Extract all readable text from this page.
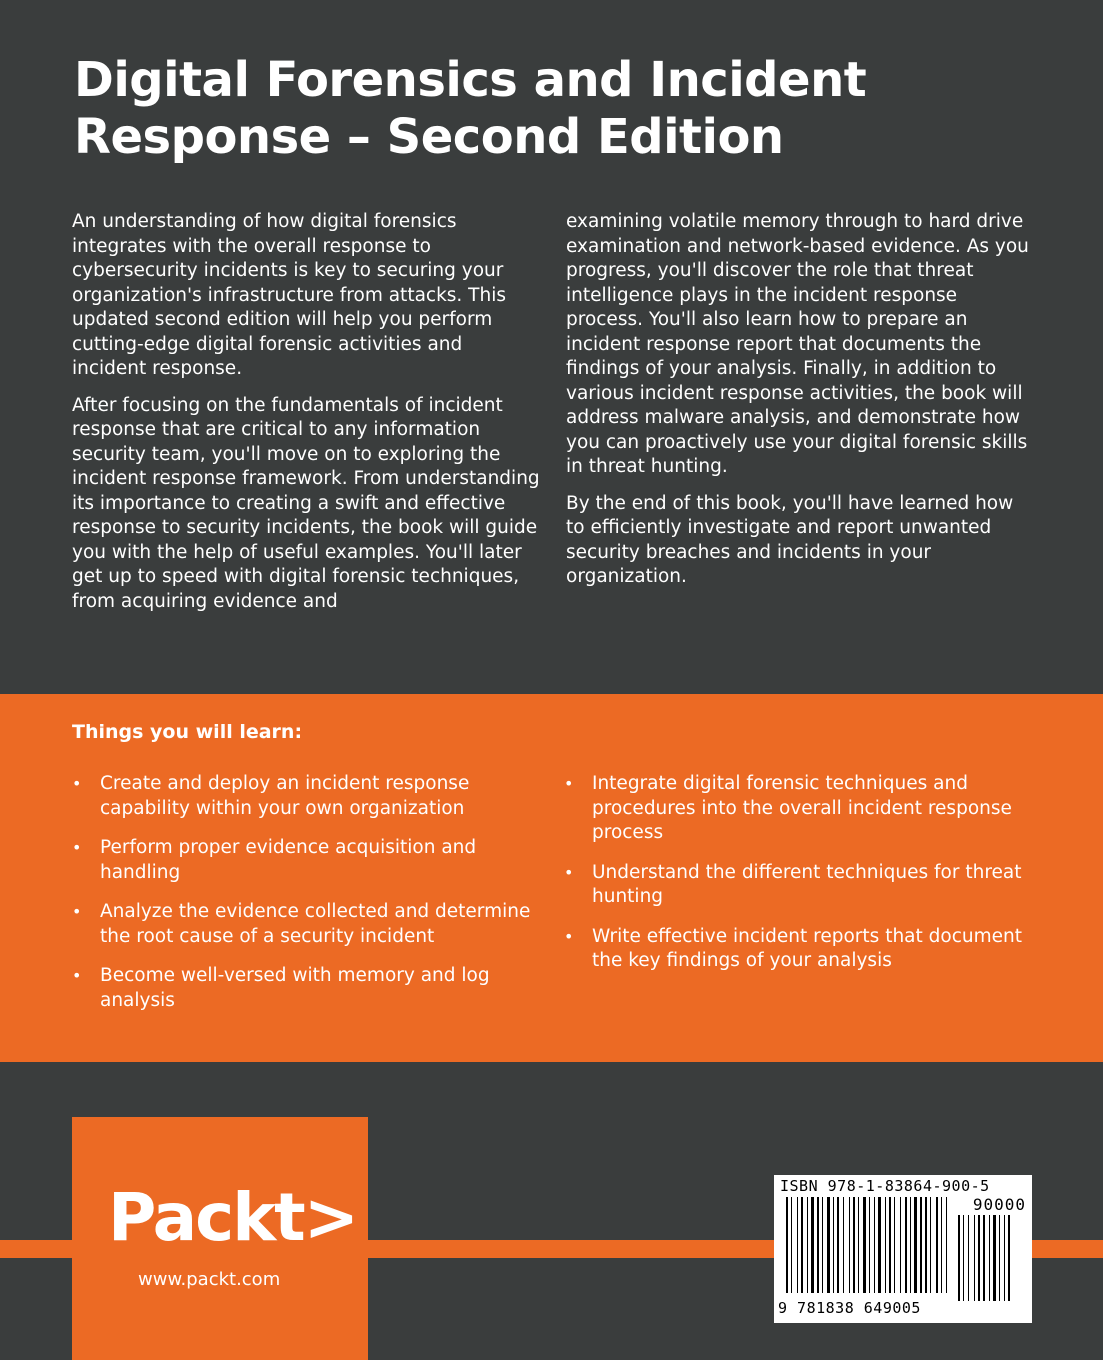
Digital Forensics and Incident
Response – Second Edition

An understanding of how digital forensics integrates with the overall response to cybersecurity incidents is key to securing your organization's infrastructure from attacks. This updated second edition will help you perform cutting-edge digital forensic activities and incident response.

After focusing on the fundamentals of incident response that are critical to any information security team, you'll move on to exploring the incident response framework. From understanding its importance to creating a swift and effective response to security incidents, the book will guide you with the help of useful examples. You'll later get up to speed with digital forensic techniques, from acquiring evidence and

examining volatile memory through to hard drive examination and network-based evidence. As you progress, you'll discover the role that threat intelligence plays in the incident response process. You'll also learn how to prepare an incident response report that documents the findings of your analysis. Finally, in addition to various incident response activities, the book will address malware analysis, and demonstrate how you can proactively use your digital forensic skills in threat hunting.

By the end of this book, you'll have learned how to efficiently investigate and report unwanted security breaches and incidents in your organization.

Things you will learn:
• Create and deploy an incident response capability within your own organization
• Perform proper evidence acquisition and handling
• Analyze the evidence collected and determine the root cause of a security incident
• Become well-versed with memory and log analysis
• Integrate digital forensic techniques and procedures into the overall incident response process
• Understand the different techniques for threat hunting
• Write effective incident reports that document the key findings of your analysis
Packt>
www.packt.com
ISBN 978-1-83864-900-5
90000
9 781838 649005
